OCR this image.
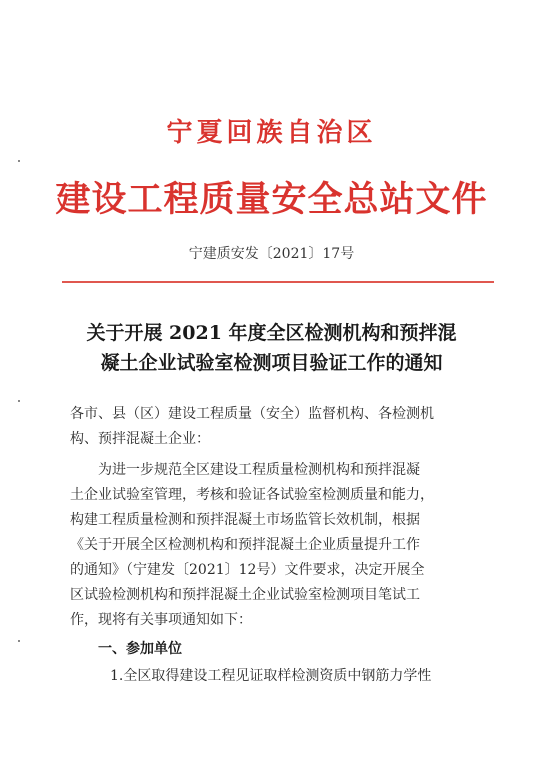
宁夏回族自治区
建设工程质量安全总站文件
宁建质安发〔2021〕17号
关于开展 2021 年度全区检测机构和预拌混
凝土企业试验室检测项目验证工作的通知
各市、县（区）建设工程质量（安全）监督机构、各检测机
构、预拌混凝土企业：
为进一步规范全区建设工程质量检测机构和预拌混凝
土企业试验室管理，考核和验证各试验室检测质量和能力，
构建工程质量检测和预拌混凝土市场监管长效机制，根据
《关于开展全区检测机构和预拌混凝土企业质量提升工作
的通知》（宁建发〔2021〕12号）文件要求，决定开展全
区试验检测机构和预拌混凝土企业试验室检测项目笔试工
作，现将有关事项通知如下：
一、参加单位
1.全区取得建设工程见证取样检测资质中钢筋力学性
